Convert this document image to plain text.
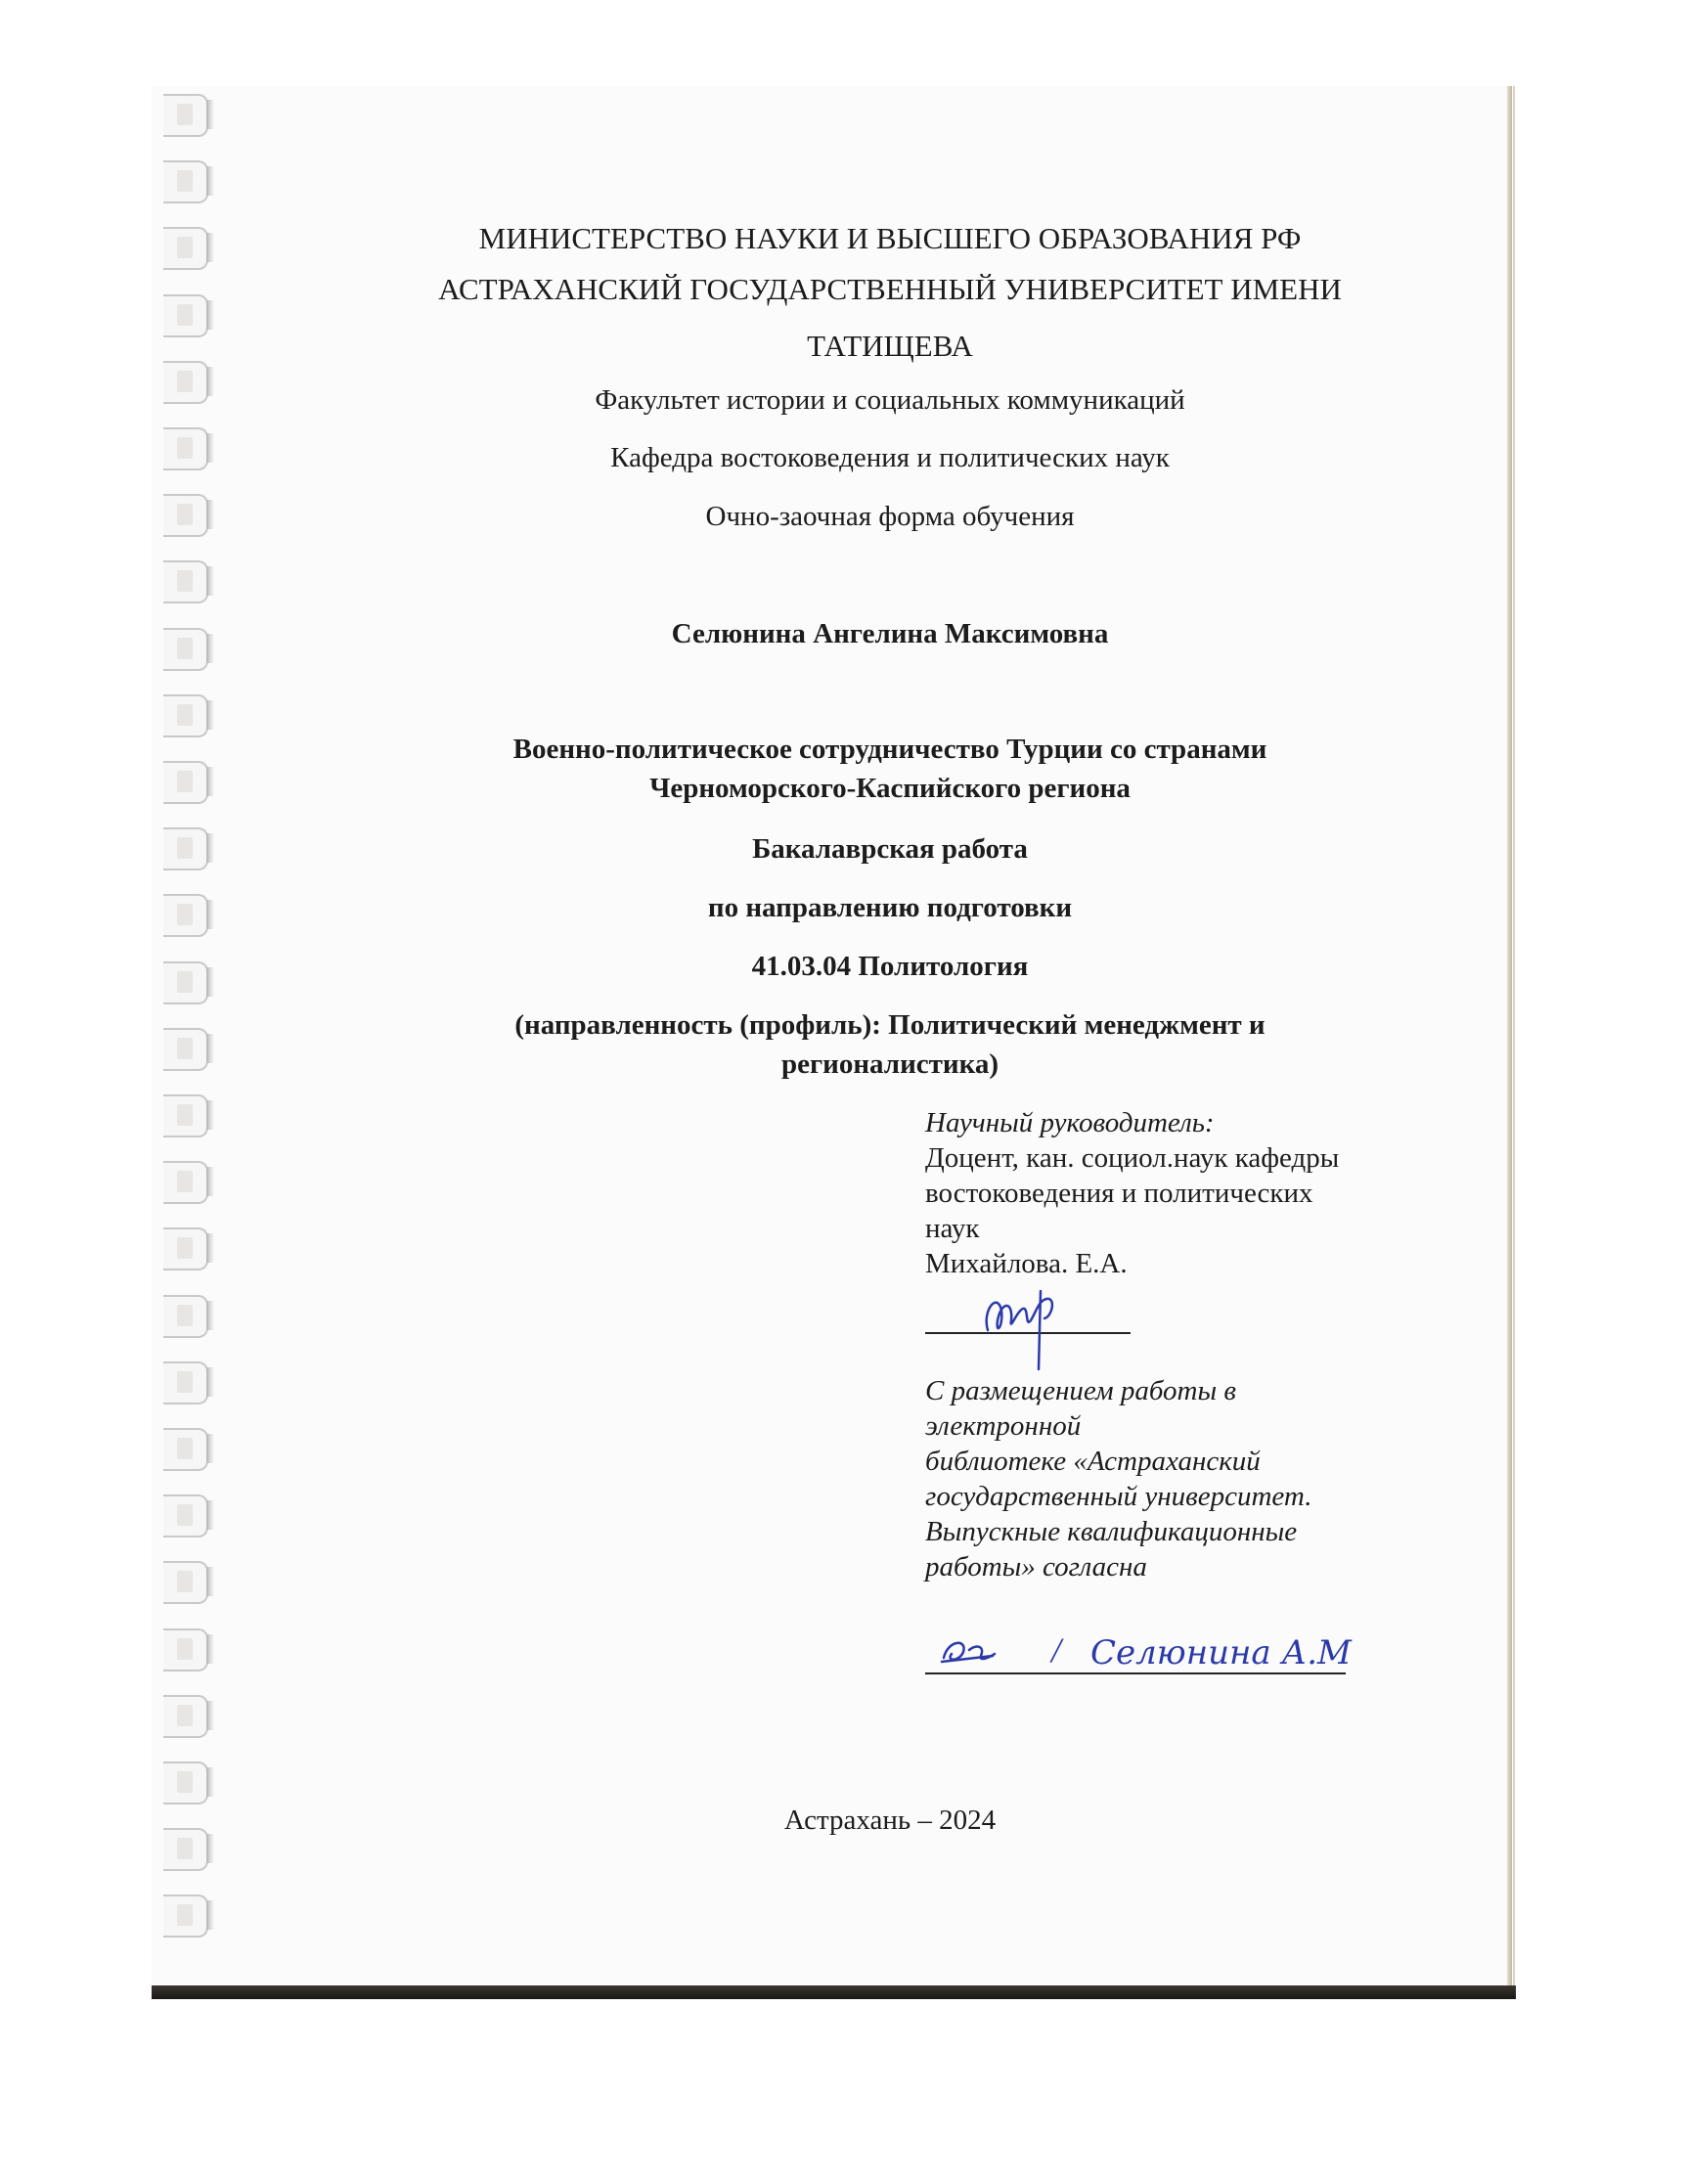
МИНИСТЕРСТВО НАУКИ И ВЫСШЕГО ОБРАЗОВАНИЯ РФ
АСТРАХАНСКИЙ ГОСУДАРСТВЕННЫЙ УНИВЕРСИТЕТ ИМЕНИ
ТАТИЩЕВА
Факультет истории и социальных коммуникаций
Кафедра востоковедения и политических наук
Очно-заочная форма обучения
Селюнина Ангелина Максимовна
Военно-политическое сотрудничество Турции со странами
Черноморского-Каспийского региона
Бакалаврская работа
по направлению подготовки
41.03.04 Политология
(направленность (профиль): Политический менеджмент и
регионалистика)
Научный руководитель:
Доцент, кан. социол.наук кафедры
востоковедения и политических
наук
Михайлова. Е.А.
С размещением работы в
электронной
библиотеке «Астраханский
государственный университет.
Выпускные квалификационные
работы» согласна
/ Селюнина А.М
Астрахань – 2024
